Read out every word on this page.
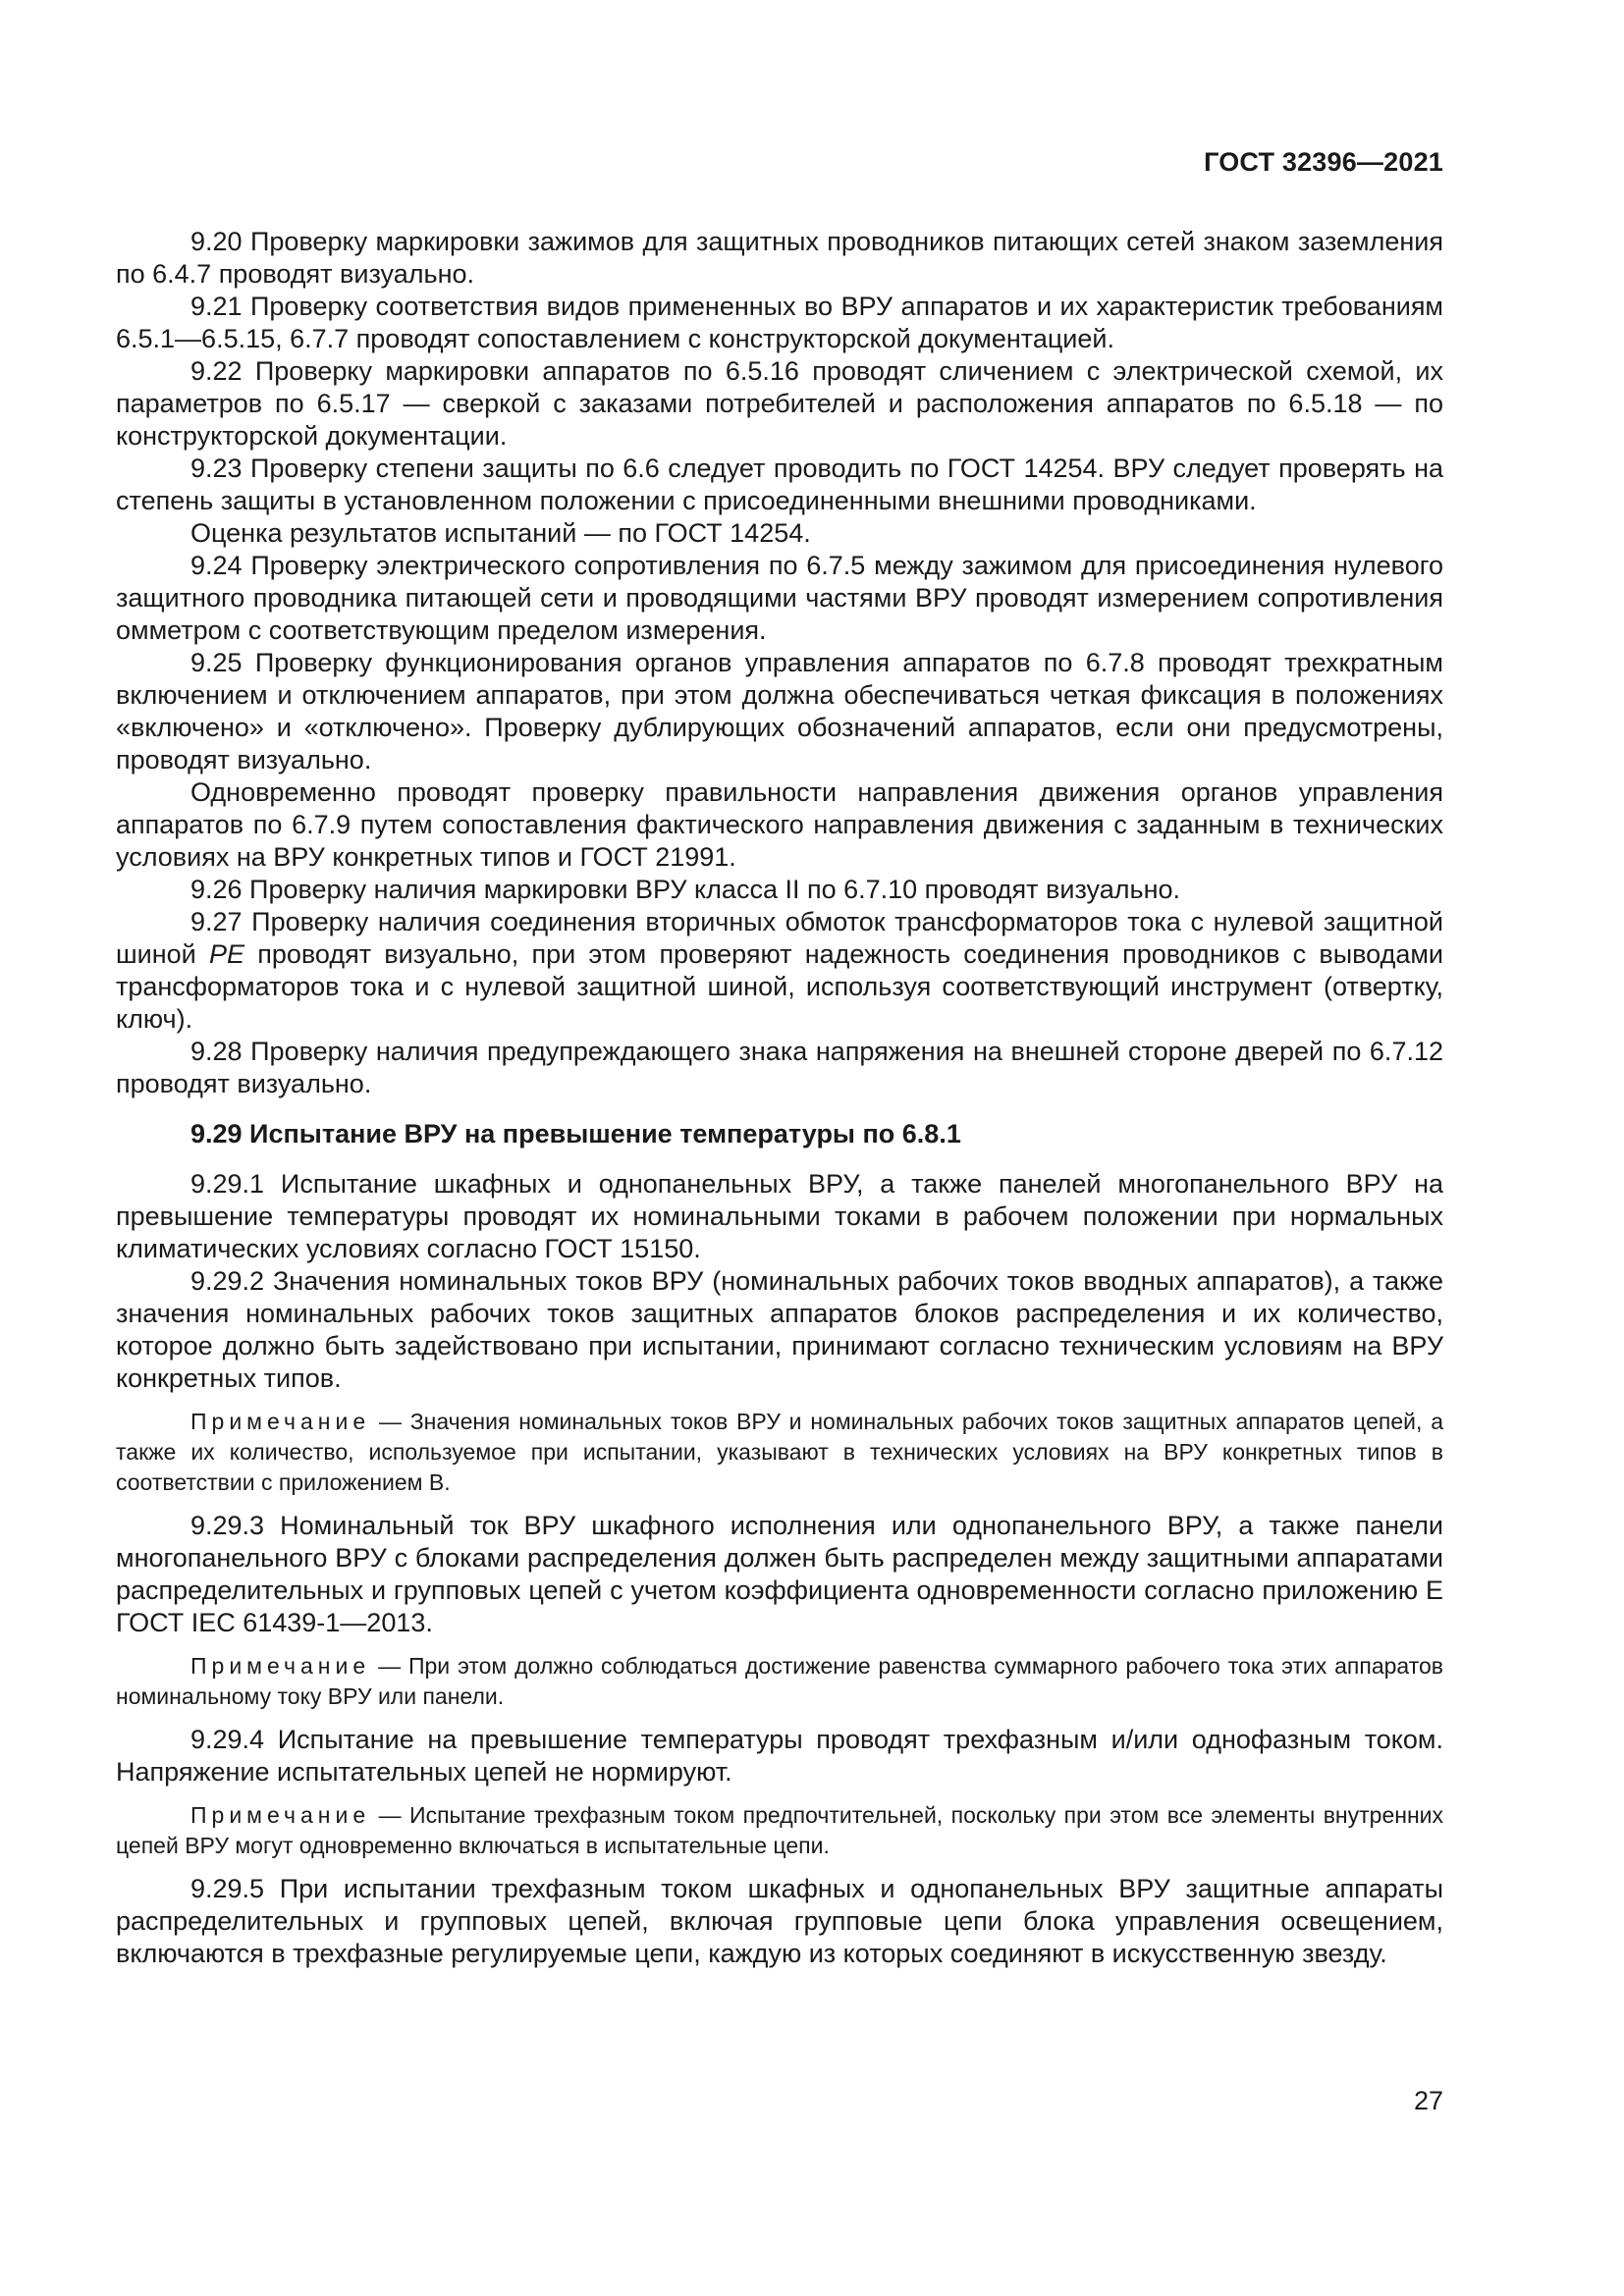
ГОСТ 32396—2021

9.20 Проверку маркировки зажимов для защитных проводников питающих сетей знаком заземления по 6.4.7 проводят визуально.

9.21 Проверку соответствия видов примененных во ВРУ аппаратов и их характеристик требованиям 6.5.1—6.5.15, 6.7.7 проводят сопоставлением с конструкторской документацией.

9.22 Проверку маркировки аппаратов по 6.5.16 проводят сличением с электрической схемой, их параметров по 6.5.17 — сверкой с заказами потребителей и расположения аппаратов по 6.5.18 — по конструкторской документации.

9.23 Проверку степени защиты по 6.6 следует проводить по ГОСТ 14254. ВРУ следует проверять на степень защиты в установленном положении с присоединенными внешними проводниками.

Оценка результатов испытаний — по ГОСТ 14254.

9.24 Проверку электрического сопротивления по 6.7.5 между зажимом для присоединения нулевого защитного проводника питающей сети и проводящими частями ВРУ проводят измерением сопротивления омметром с соответствующим пределом измерения.

9.25 Проверку функционирования органов управления аппаратов по 6.7.8 проводят трехкратным включением и отключением аппаратов, при этом должна обеспечиваться четкая фиксация в положениях «включено» и «отключено». Проверку дублирующих обозначений аппаратов, если они предусмотрены, проводят визуально.

Одновременно проводят проверку правильности направления движения органов управления аппаратов по 6.7.9 путем сопоставления фактического направления движения с заданным в технических условиях на ВРУ конкретных типов и ГОСТ 21991.

9.26 Проверку наличия маркировки ВРУ класса II по 6.7.10 проводят визуально.

9.27 Проверку наличия соединения вторичных обмоток трансформаторов тока с нулевой защитной шиной PE проводят визуально, при этом проверяют надежность соединения проводников с выводами трансформаторов тока и с нулевой защитной шиной, используя соответствующий инструмент (отвертку, ключ).

9.28 Проверку наличия предупреждающего знака напряжения на внешней стороне дверей по 6.7.12 проводят визуально.

9.29 Испытание ВРУ на превышение температуры по 6.8.1

9.29.1 Испытание шкафных и однопанельных ВРУ, а также панелей многопанельного ВРУ на превышение температуры проводят их номинальными токами в рабочем положении при нормальных климатических условиях согласно ГОСТ 15150.

9.29.2 Значения номинальных токов ВРУ (номинальных рабочих токов вводных аппаратов), а также значения номинальных рабочих токов защитных аппаратов блоков распределения и их количество, которое должно быть задействовано при испытании, принимают согласно техническим условиям на ВРУ конкретных типов.

Примечание — Значения номинальных токов ВРУ и номинальных рабочих токов защитных аппаратов цепей, а также их количество, используемое при испытании, указывают в технических условиях на ВРУ конкретных типов в соответствии с приложением В.

9.29.3 Номинальный ток ВРУ шкафного исполнения или однопанельного ВРУ, а также панели многопанельного ВРУ с блоками распределения должен быть распределен между защитными аппаратами распределительных и групповых цепей с учетом коэффициента одновременности согласно приложению Е ГОСТ IEC 61439-1—2013.

Примечание — При этом должно соблюдаться достижение равенства суммарного рабочего тока этих аппаратов номинальному току ВРУ или панели.

9.29.4 Испытание на превышение температуры проводят трехфазным и/или однофазным током. Напряжение испытательных цепей не нормируют.

Примечание — Испытание трехфазным током предпочтительней, поскольку при этом все элементы внутренних цепей ВРУ могут одновременно включаться в испытательные цепи.

9.29.5 При испытании трехфазным током шкафных и однопанельных ВРУ защитные аппараты распределительных и групповых цепей, включая групповые цепи блока управления освещением, включаются в трехфазные регулируемые цепи, каждую из которых соединяют в искусственную звезду.

27
